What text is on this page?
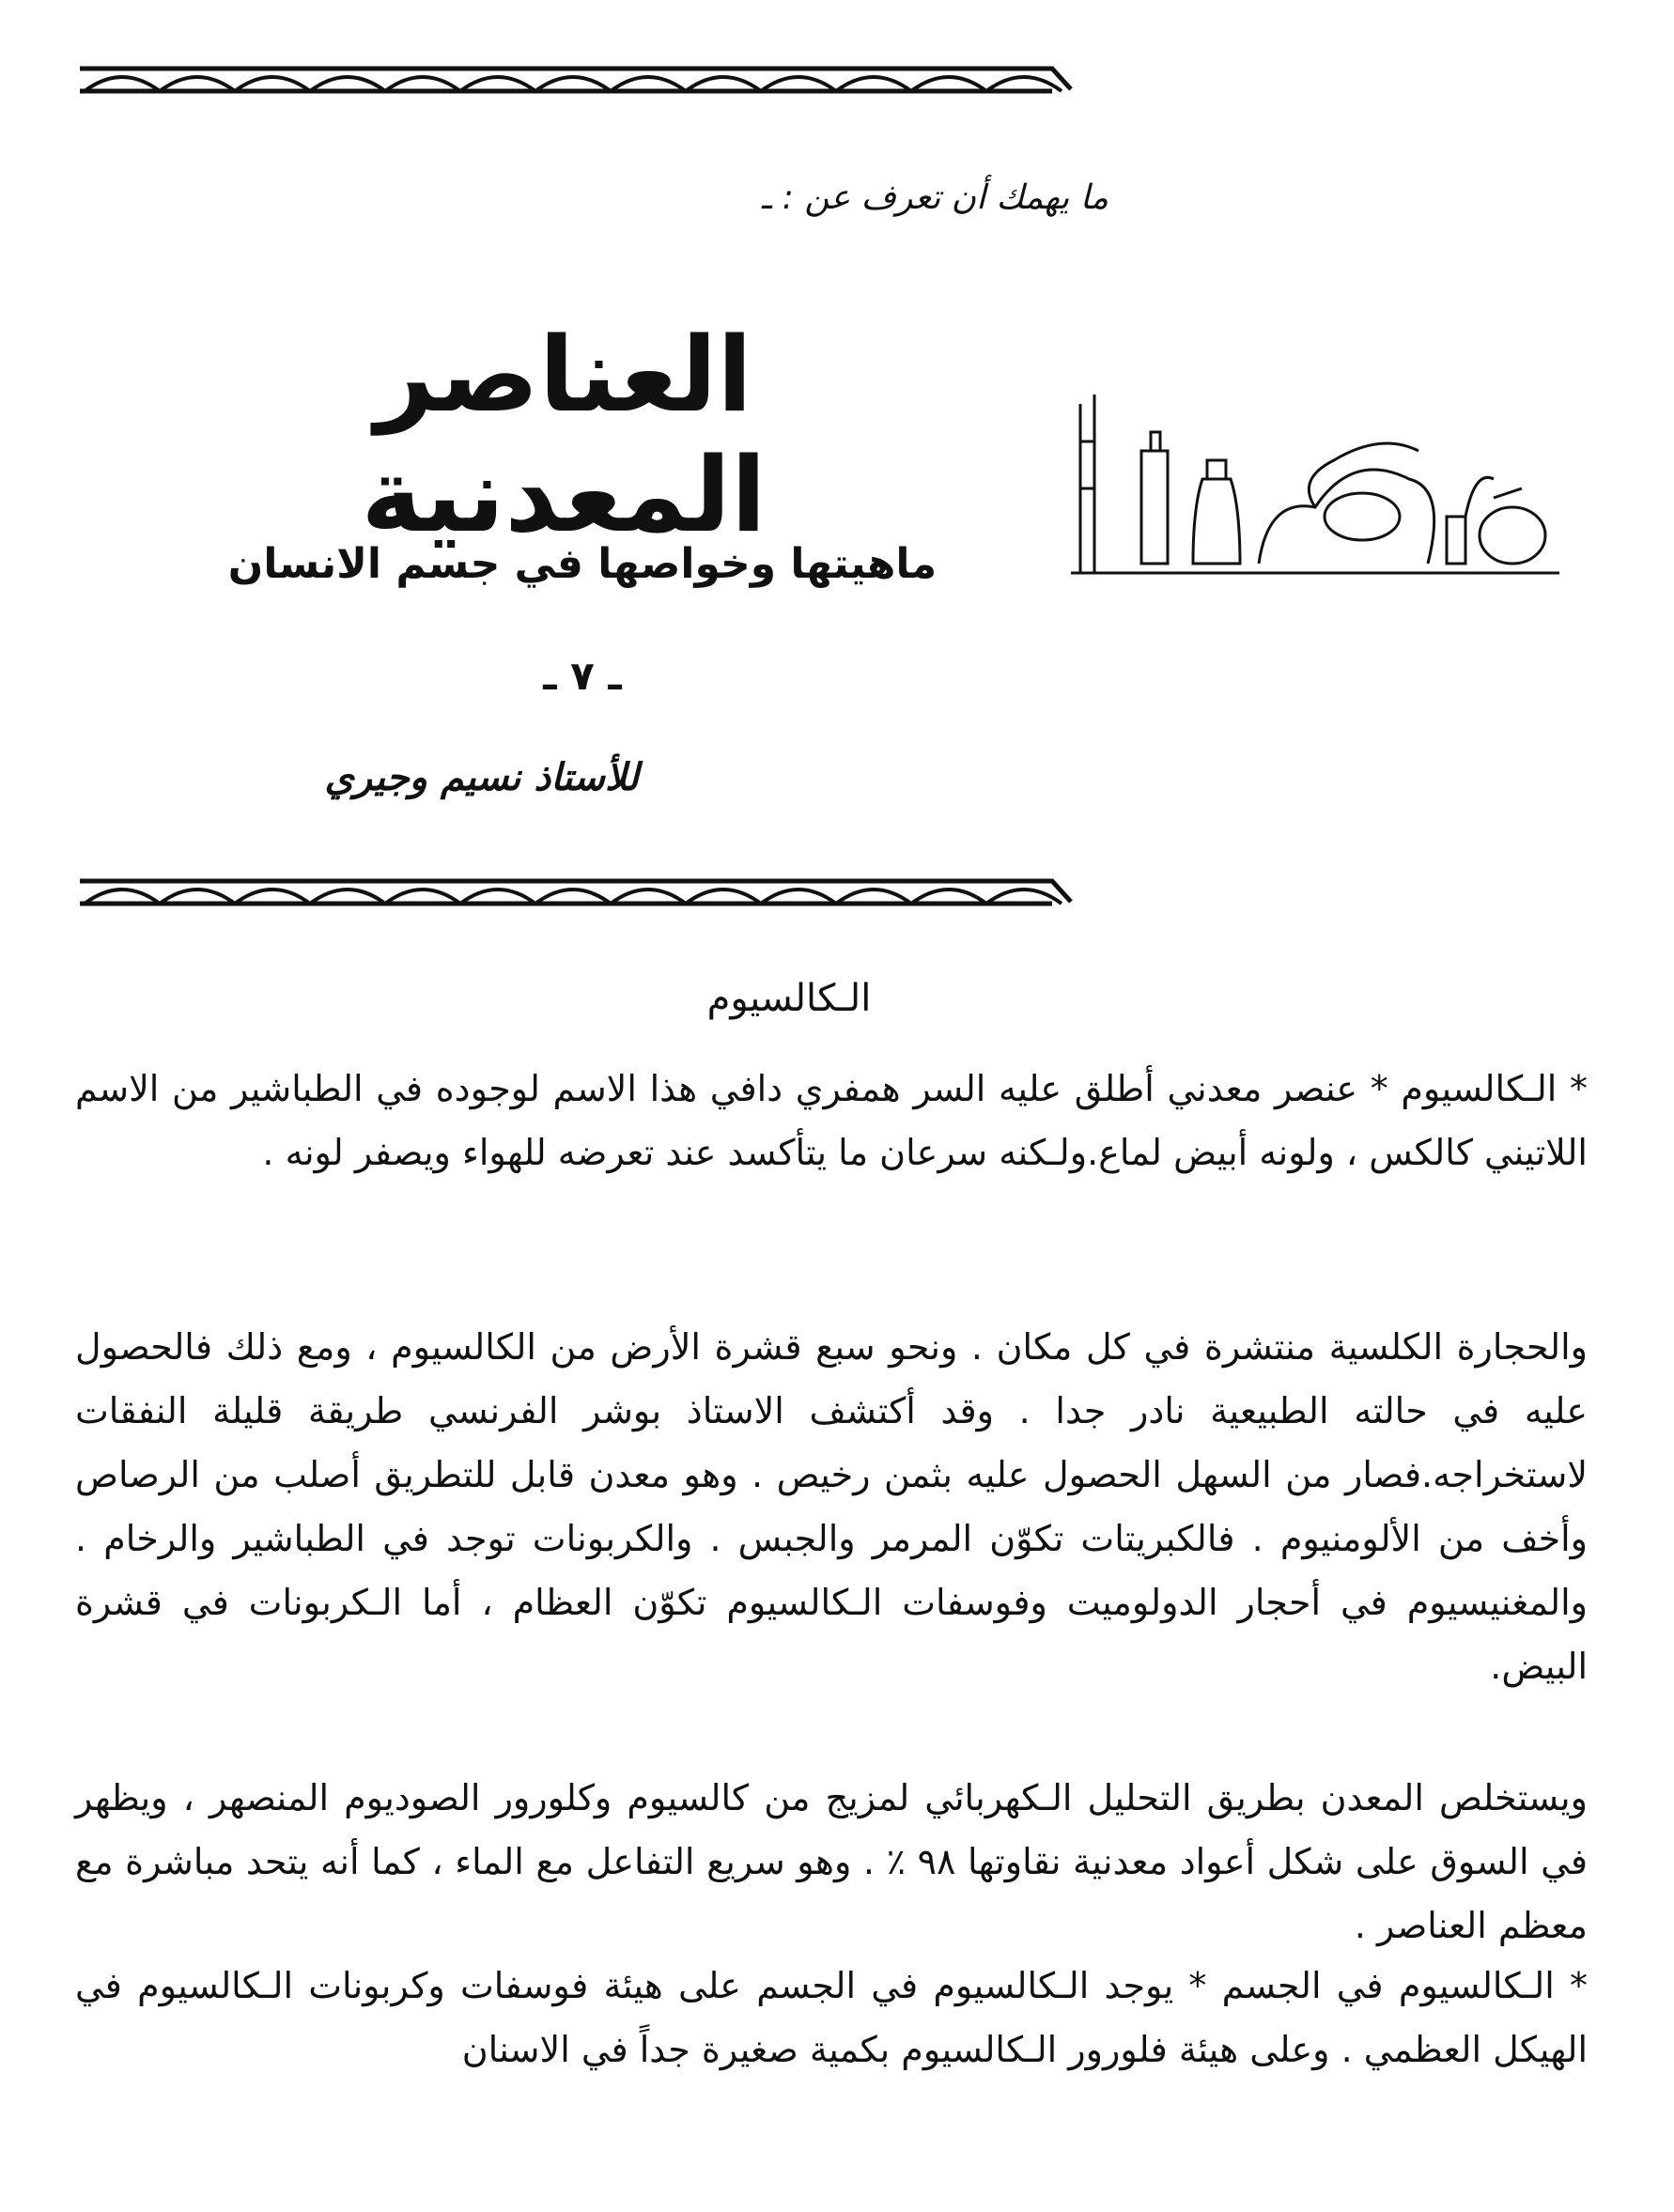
ما يهمك أن تعرف عن : ـ
العناصر المعدنية
ماهيتها وخواصها في جسم الانسان
ـ ٧ ـ
للأستاذ نسيم وجيري
الـكالسيوم

* الـكالسيوم * عنصر معدني أطلق عليه السر همفري دافي هذا الاسم لوجوده في الطباشير من الاسم اللاتيني كالكس ، ولونه أبيض لماع.ولـكنه سرعان ما يتأكسد عند تعرضه للهواء ويصفر لونه .

والحجارة الكلسية منتشرة في كل مكان . ونحو سبع قشرة الأرض من الكالسيوم ، ومع ذلك فالحصول عليه في حالته الطبيعية نادر جدا . وقد أكتشف الاستاذ بوشر الفرنسي طريقة قليلة النفقات لاستخراجه.فصار من السهل الحصول عليه بثمن رخيص . وهو معدن قابل للتطريق أصلب من الرصاص وأخف من الألومنيوم . فالكبريتات تكوّن المرمر والجبس . والكربونات توجد في الطباشير والرخام . والمغنيسيوم في أحجار الدولوميت وفوسفات الـكالسيوم تكوّن العظام ، أما الـكربونات في قشرة البيض.

ويستخلص المعدن بطريق التحليل الـكهربائي لمزيج من كالسيوم وكلورور الصوديوم المنصهر ، ويظهر في السوق على شكل أعواد معدنية نقاوتها ٩٨ ٪ . وهو سريع التفاعل مع الماء ، كما أنه يتحد مباشرة مع معظم العناصر .

* الـكالسيوم في الجسم * يوجد الـكالسيوم في الجسم على هيئة فوسفات وكربونات الـكالسيوم في الهيكل العظمي . وعلى هيئة فلورور الـكالسيوم بكمية صغيرة جداً في الاسنان
